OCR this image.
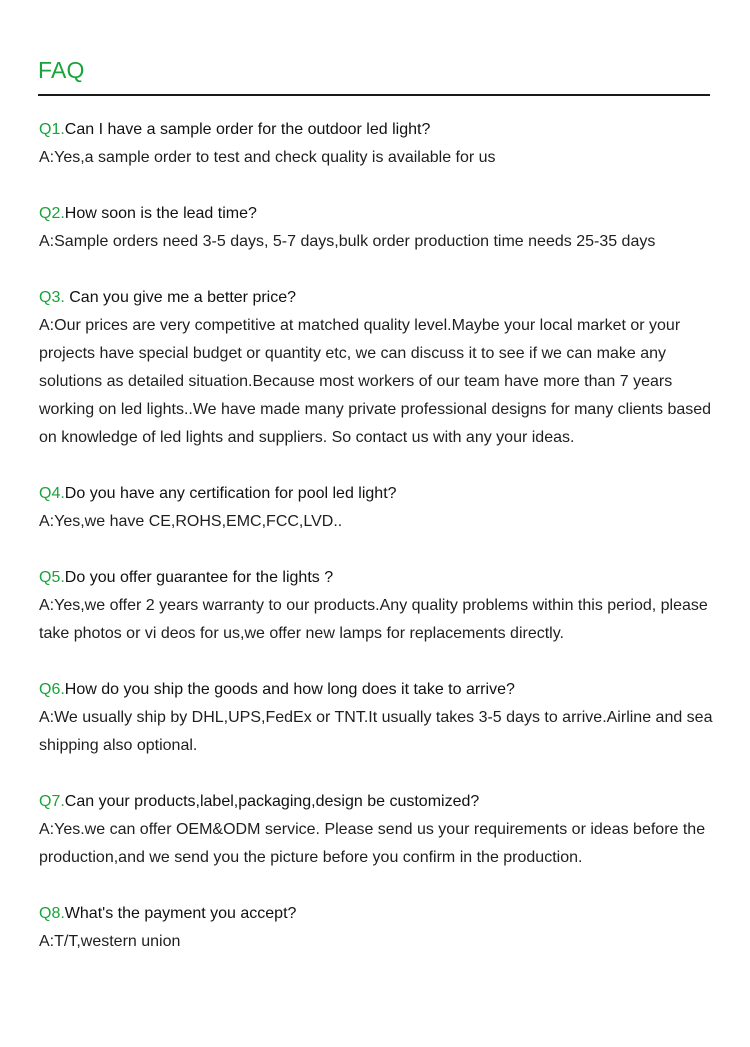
FAQ
Q1.Can I have a sample order for the outdoor led light?

A:Yes,a sample order to test and check quality is available for us

Q2.How soon is the lead time?

A:Sample orders need 3-5 days, 5-7 days,bulk order production time needs 25-35 days

Q3. Can you give me a better price?

A:Our prices are very competitive at matched quality level.Maybe your local market or your projects have special budget or quantity etc, we can discuss it to see if we can make any solutions as detailed situation.Because most workers of our team have more than 7 years working on led lights..We have made many private professional designs for many clients based on knowledge of led lights and suppliers. So contact us with any your ideas.

Q4.Do you have any certification for pool led light?

A:Yes,we have CE,ROHS,EMC,FCC,LVD..

Q5.Do you offer guarantee for the lights ?

A:Yes,we offer 2 years warranty to our products.Any quality problems within this period, please take photos or vi deos for us,we offer new lamps for replacements directly.

Q6.How do you ship the goods and how long does it take to arrive?

A:We usually ship by DHL,UPS,FedEx or TNT.It usually takes 3-5 days to arrive.Airline and sea shipping also optional.

Q7.Can your products,label,packaging,design be customized?

A:Yes.we can offer OEM&ODM service. Please send us your requirements or ideas before the production,and we send you the picture before you confirm in the production.

Q8.What's the payment you accept?

A:T/T,western union
